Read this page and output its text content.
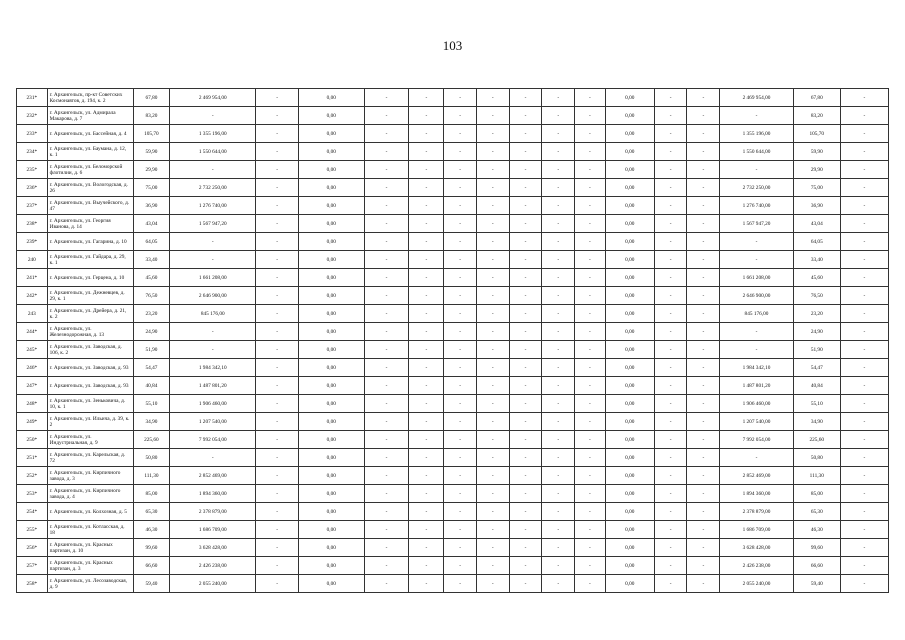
103
231*	г. Архангельск, пр-кт Советских Космонавтов, д. 194, к. 2	67,80	2 469 954,00	-	0,00	-	-	-	-	-	-	-	0,00	-	-	2 469 954,00	67,80	-
232*	г. Архангельск, ул. Адмирала Макарова, д. 7	83,20	-	-	0,00	-	-	-	-	-	-	-	0,00	-	-	-	83,20	-
233*	г. Архангельск, ул. Бассейная, д. 4	105,70	1 355 196,00	-	0,00	-	-	-	-	-	-	-	0,00	-	-	1 355 196,00	105,70	-
234*	г. Архангельск, ул. Баумана, д. 12, к. 1	59,90	1 550 644,00	-	0,00	-	-	-	-	-	-	-	0,00	-	-	1 550 644,00	59,90	-
235*	г. Архангельск, ул. Беломорской флотилии, д. 6	29,90	-	-	0,00	-	-	-	-	-	-	-	0,00	-	-	-	29,90	-
236*	г. Архангельск, ул. Вологодская, д. 26	75,00	2 732 250,00	-	0,00	-	-	-	-	-	-	-	0,00	-	-	2 732 250,00	75,00	-
237*	г. Архангельск, ул. Выучейского, д. 47	36,90	1 276 740,00	-	0,00	-	-	-	-	-	-	-	0,00	-	-	1 276 740,00	36,90	-
238*	г. Архангельск, ул. Георгия Иванова, д. 14	43,04	1 567 947,20	-	0,00	-	-	-	-	-	-	-	0,00	-	-	1 567 947,20	43,04	-
239*	г. Архангельск, ул. Гагарина, д. 10	64,05	-	-	0,00	-	-	-	-	-	-	-	0,00	-	-	-	64,05	-
240	г. Архангельск, ул. Гайдара, д. 29, к. 1	33,40	-	-	0,00	-	-	-	-	-	-	-	0,00	-	-	-	33,40	-
241*	г. Архангельск, ул. Герцена, д. 10	45,60	1 661 208,00	-	0,00	-	-	-	-	-	-	-	0,00	-	-	1 661 208,00	45,60	-
242*	г. Архангельск, ул. Дежневцев, д. 29, к. 1	76,50	2 646 900,00	-	0,00	-	-	-	-	-	-	-	0,00	-	-	2 646 900,00	76,50	-
243	г. Архангельск, ул. Дрейера, д. 21, к. 2	23,20	845 176,00	-	0,00	-	-	-	-	-	-	-	0,00	-	-	845 176,00	23,20	-
244*	г. Архангельск, ул. Железнодорожная, д. 13	24,90	-	-	0,00	-	-	-	-	-	-	-	0,00	-	-	-	24,90	-
245*	г. Архангельск, ул. Заводская, д. 106, к. 2	51,90	-	-	0,00	-	-	-	-	-	-	-	0,00	-	-	-	51,90	-
246*	г. Архангельск, ул. Заводская, д. 93	54,47	1 984 342,10	-	0,00	-	-	-	-	-	-	-	0,00	-	-	1 984 342,10	54,47	-
247*	г. Архангельск, ул. Заводская, д. 93	40,84	1 487 801,20	-	0,00	-	-	-	-	-	-	-	0,00	-	-	1 487 801,20	40,84	-
248*	г. Архангельск, ул. Зеньковича, д. 10, к. 1	55,10	1 906 460,00	-	0,00	-	-	-	-	-	-	-	0,00	-	-	1 906 460,00	55,10	-
249*	г. Архангельск, ул. Ильича, д. 39, к. 2	34,90	1 207 540,00	-	0,00	-	-	-	-	-	-	-	0,00	-	-	1 207 540,00	34,90	-
250*	г. Архангельск, ул. Индустриальная, д. 9	225,60	7 992 054,00	-	0,00	-	-	-	-	-	-	-	0,00	-	-	7 992 054,00	225,60	-
251*	г. Архангельск, ул. Карельская, д. 72	50,80	-	-	0,00	-	-	-	-	-	-	-	0,00	-	-	-	50,80	-
252*	г. Архангельск, ул. Кирпичного завода, д. 3	111,30	2 852 469,00	-	0,00	-	-	-	-	-	-	-	0,00	-	-	2 852 469,00	111,30	-
253*	г. Архангельск, ул. Кирпичного завода, д. 4	85,00	1 894 360,00	-	0,00	-	-	-	-	-	-	-	0,00	-	-	1 894 360,00	85,00	-
254*	г. Архангельск, ул. Колхозная, д. 5	65,30	2 378 879,00	-	0,00	-	-	-	-	-	-	-	0,00	-	-	2 378 879,00	65,30	-
255*	г. Архангельск, ул. Котласская, д. 18	46,30	1 686 709,00	-	0,00	-	-	-	-	-	-	-	0,00	-	-	1 686 709,00	46,30	-
256*	г. Архангельск, ул. Красных партизан, д. 10	99,60	3 628 428,00	-	0,00	-	-	-	-	-	-	-	0,00	-	-	3 628 428,00	99,60	-
257*	г. Архангельск, ул. Красных партизан, д. 3	66,60	2 426 238,00	-	0,00	-	-	-	-	-	-	-	0,00	-	-	2 426 238,00	66,60	-
258*	г. Архангельск, ул. Лесозаводская, д. 9	59,40	2 055 240,00	-	0,00	-	-	-	-	-	-	-	0,00	-	-	2 055 240,00	59,40	-
